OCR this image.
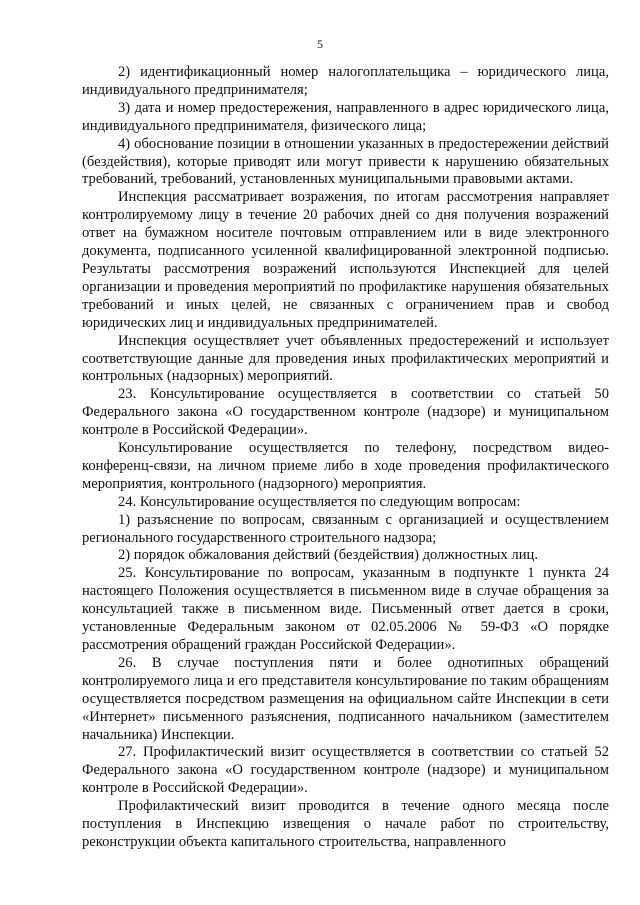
5

2) идентификационный номер налогоплательщика – юридического лица, индивидуального предпринимателя;

3) дата и номер предостережения, направленного в адрес юридического лица, индивидуального предпринимателя, физического лица;

4) обоснование позиции в отношении указанных в предостережении действий (бездействия), которые приводят или могут привести к нарушению обязательных требований, требований, установленных муниципальными правовыми актами.

Инспекция рассматривает возражения, по итогам рассмотрения направляет контролируемому лицу в течение 20 рабочих дней со дня получения возражений ответ на бумажном носителе почтовым отправлением или в виде электронного документа, подписанного усиленной квалифицированной электронной подписью. Результаты рассмотрения возражений используются Инспекцией для целей организации и проведения мероприятий по профилактике нарушения обязательных требований и иных целей, не связанных с ограничением прав и свобод юридических лиц и индивидуальных предпринимателей.

Инспекция осуществляет учет объявленных предостережений и использует соответствующие данные для проведения иных профилактических мероприятий и контрольных (надзорных) мероприятий.

23. Консультирование осуществляется в соответствии со статьей 50 Федерального закона «О государственном контроле (надзоре) и муниципальном контроле в Российской Федерации».

Консультирование осуществляется по телефону, посредством видео-конференц-связи, на личном приеме либо в ходе проведения профилактического мероприятия, контрольного (надзорного) мероприятия.

24. Консультирование осуществляется по следующим вопросам:

1) разъяснение по вопросам, связанным с организацией и осуществлением регионального государственного строительного надзора;

2) порядок обжалования действий (бездействия) должностных лиц.

25. Консультирование по вопросам, указанным в подпункте 1 пункта 24 настоящего Положения осуществляется в письменном виде в случае обращения за консультацией также в письменном виде. Письменный ответ дается в сроки, установленные Федеральным законом от 02.05.2006 № 59-ФЗ «О порядке рассмотрения обращений граждан Российской Федерации».

26. В случае поступления пяти и более однотипных обращений контролируемого лица и его представителя консультирование по таким обращениям осуществляется посредством размещения на официальном сайте Инспекции в сети «Интернет» письменного разъяснения, подписанного начальником (заместителем начальника) Инспекции.

27. Профилактический визит осуществляется в соответствии со статьей 52 Федерального закона «О государственном контроле (надзоре) и муниципальном контроле в Российской Федерации».

Профилактический визит проводится в течение одного месяца после поступления в Инспекцию извещения о начале работ по строительству, реконструкции объекта капитального строительства, направленного
